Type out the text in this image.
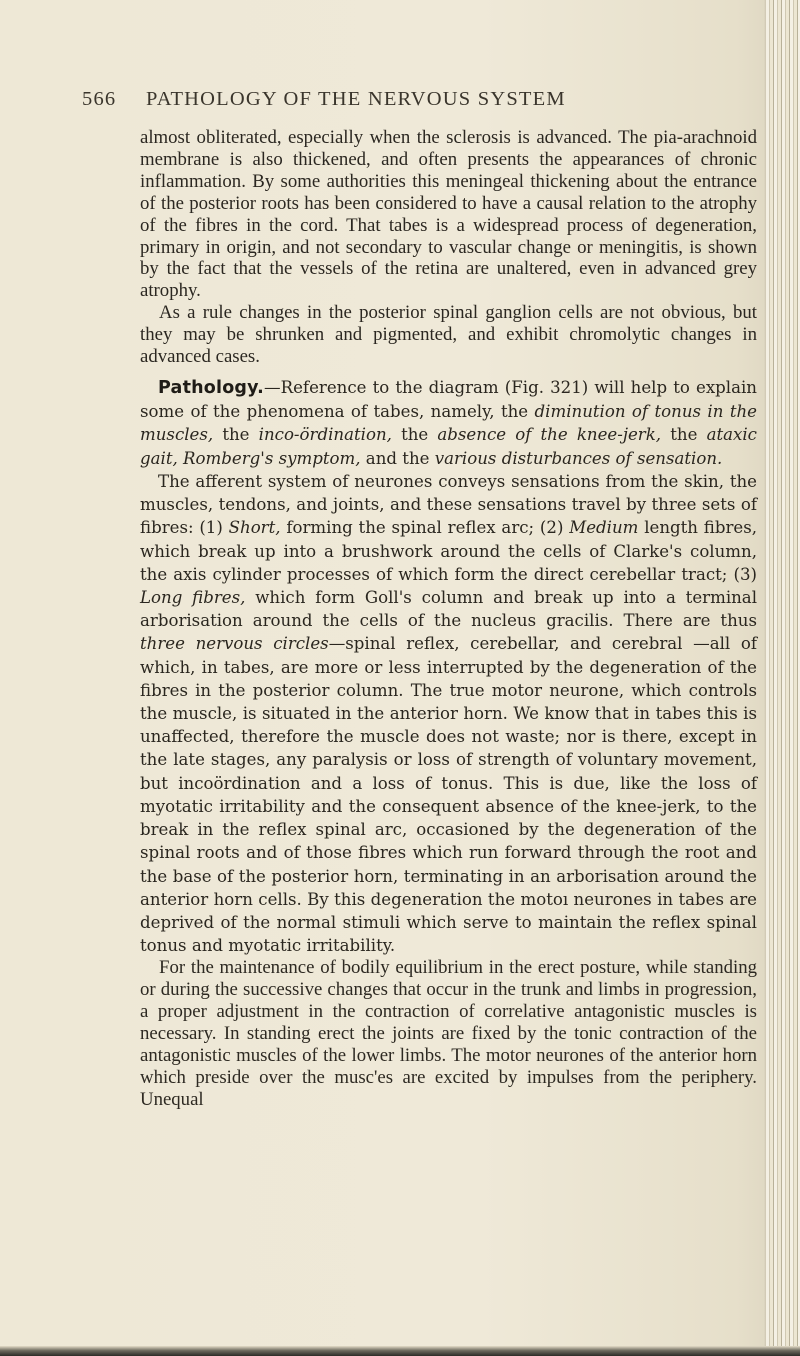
566 PATHOLOGY OF THE NERVOUS SYSTEM

almost obliterated, especially when the sclerosis is advanced. The pia-arachnoid membrane is also thickened, and often presents the appearances of chronic inflammation. By some authorities this meningeal thickening about the entrance of the posterior roots has been considered to have a causal relation to the atrophy of the fibres in the cord. That tabes is a widespread process of degeneration, primary in origin, and not secondary to vascular change or meningitis, is shown by the fact that the vessels of the retina are unaltered, even in advanced grey atrophy.

As a rule changes in the posterior spinal ganglion cells are not obvious, but they may be shrunken and pigmented, and exhibit chromolytic changes in advanced cases.

Pathology.—Reference to the diagram (Fig. 321) will help to explain some of the phenomena of tabes, namely, the diminution of tonus in the muscles, the inco-ördination, the absence of the knee-jerk, the ataxic gait, Romberg's symptom, and the various disturbances of sensation.

The afferent system of neurones conveys sensations from the skin, the muscles, tendons, and joints, and these sensations travel by three sets of fibres: (1) Short, forming the spinal reflex arc; (2) Medium length fibres, which break up into a brushwork around the cells of Clarke's column, the axis cylinder processes of which form the direct cerebellar tract; (3) Long fibres, which form Goll's column and break up into a terminal arborisation around the cells of the nucleus gracilis. There are thus three nervous circles—spinal reflex, cerebellar, and cerebral —all of which, in tabes, are more or less interrupted by the degeneration of the fibres in the posterior column. The true motor neurone, which controls the muscle, is situated in the anterior horn. We know that in tabes this is unaffected, therefore the muscle does not waste; nor is there, except in the late stages, any paralysis or loss of strength of voluntary movement, but incoördination and a loss of tonus. This is due, like the loss of myotatic irritability and the consequent absence of the knee-jerk, to the break in the reflex spinal arc, occasioned by the degeneration of the spinal roots and of those fibres which run forward through the root and the base of the posterior horn, terminating in an arborisation around the anterior horn cells. By this degeneration the motoı neurones in tabes are deprived of the normal stimuli which serve to maintain the reflex spinal tonus and myotatic irritability.

For the maintenance of bodily equilibrium in the erect posture, while standing or during the successive changes that occur in the trunk and limbs in progression, a proper adjustment in the contraction of correlative antagonistic muscles is necessary. In standing erect the joints are fixed by the tonic contraction of the antagonistic muscles of the lower limbs. The motor neurones of the anterior horn which preside over the musc'es are excited by impulses from the periphery. Unequal
